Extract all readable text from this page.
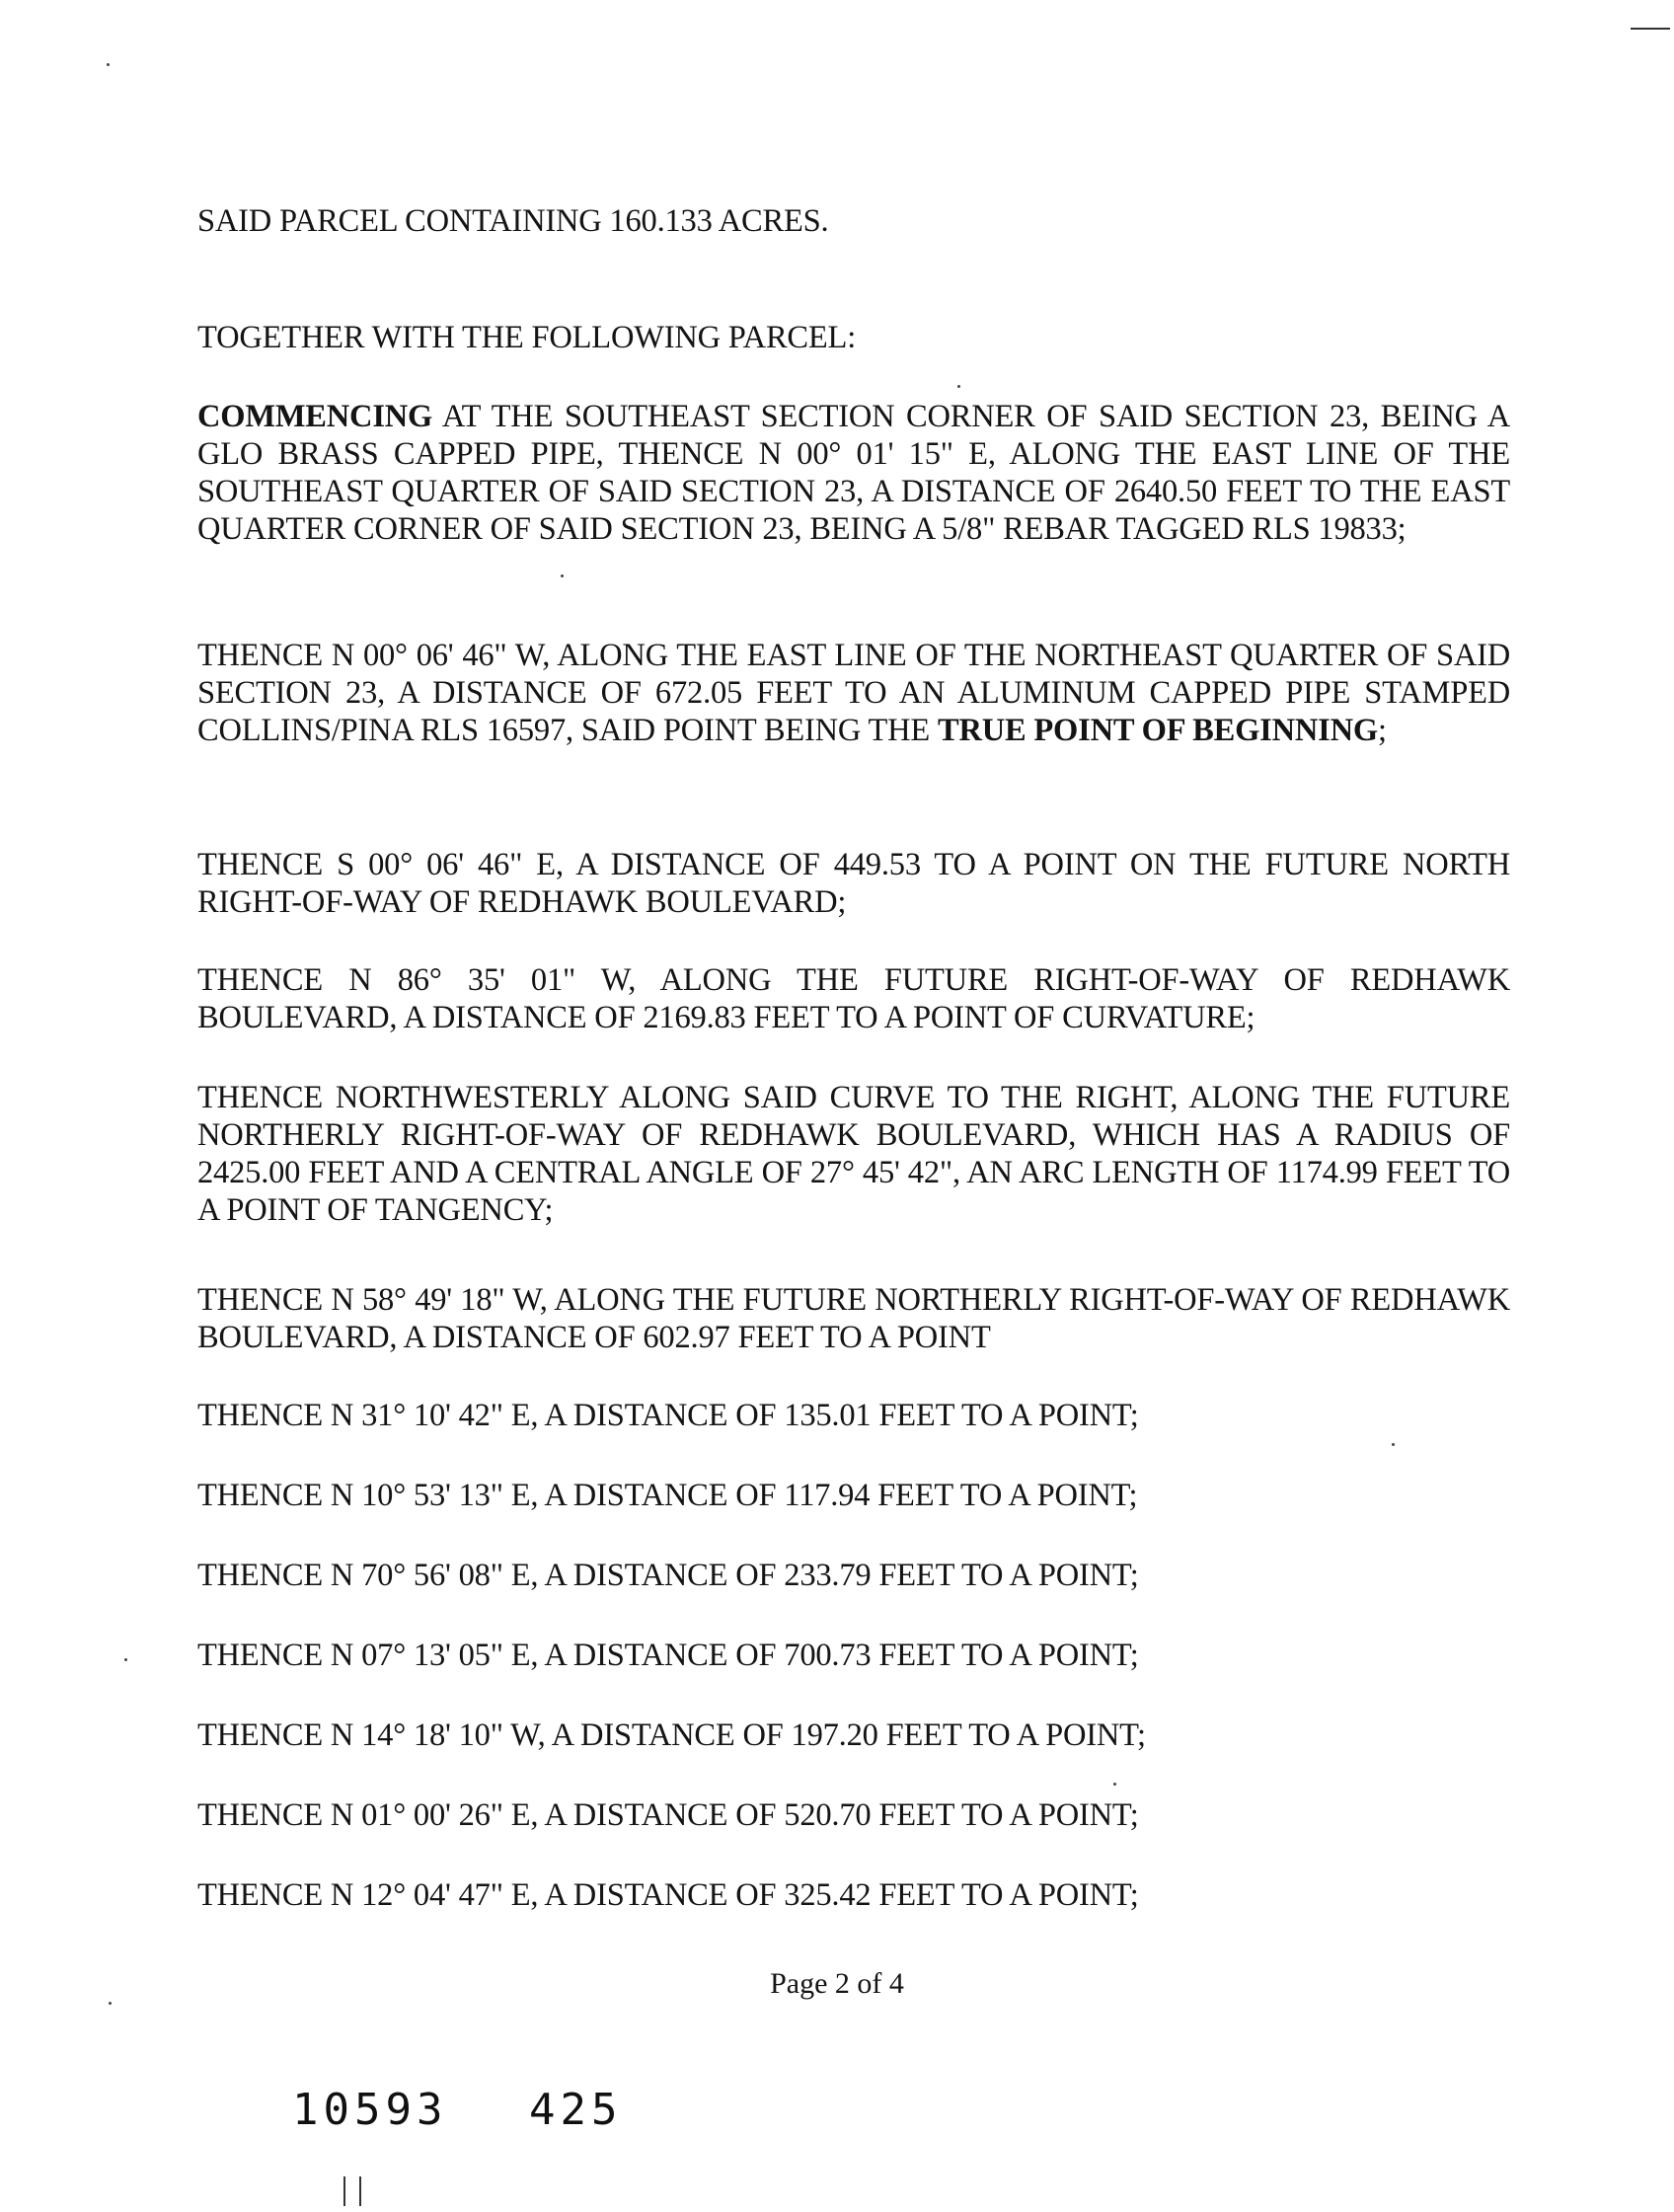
SAID PARCEL CONTAINING 160.133 ACRES.

TOGETHER WITH THE FOLLOWING PARCEL:

COMMENCING AT THE SOUTHEAST SECTION CORNER OF SAID SECTION 23, BEING A GLO BRASS CAPPED PIPE, THENCE N 00° 01' 15" E, ALONG THE EAST LINE OF THE SOUTHEAST QUARTER OF SAID SECTION 23, A DISTANCE OF 2640.50 FEET TO THE EAST QUARTER CORNER OF SAID SECTION 23, BEING A 5/8" REBAR TAGGED RLS 19833;

THENCE N 00° 06' 46" W, ALONG THE EAST LINE OF THE NORTHEAST QUARTER OF SAID SECTION 23, A DISTANCE OF 672.05 FEET TO AN ALUMINUM CAPPED PIPE STAMPED COLLINS/PINA RLS 16597, SAID POINT BEING THE TRUE POINT OF BEGINNING;

THENCE S 00° 06' 46" E, A DISTANCE OF 449.53 TO A POINT ON THE FUTURE NORTH RIGHT-OF-WAY OF REDHAWK BOULEVARD;

THENCE N 86° 35' 01" W, ALONG THE FUTURE RIGHT-OF-WAY OF REDHAWK BOULEVARD, A DISTANCE OF 2169.83 FEET TO A POINT OF CURVATURE;

THENCE NORTHWESTERLY ALONG SAID CURVE TO THE RIGHT, ALONG THE FUTURE NORTHERLY RIGHT-OF-WAY OF REDHAWK BOULEVARD, WHICH HAS A RADIUS OF 2425.00 FEET AND A CENTRAL ANGLE OF 27° 45' 42", AN ARC LENGTH OF 1174.99 FEET TO A POINT OF TANGENCY;

THENCE N 58° 49' 18" W, ALONG THE FUTURE NORTHERLY RIGHT-OF-WAY OF REDHAWK BOULEVARD, A DISTANCE OF 602.97 FEET TO A POINT

THENCE N 31° 10' 42" E, A DISTANCE OF 135.01 FEET TO A POINT;

THENCE N 10° 53' 13" E, A DISTANCE OF 117.94 FEET TO A POINT;

THENCE N 70° 56' 08" E, A DISTANCE OF 233.79 FEET TO A POINT;

THENCE N 07° 13' 05" E, A DISTANCE OF 700.73 FEET TO A POINT;

THENCE N 14° 18' 10" W, A DISTANCE OF 197.20 FEET TO A POINT;

THENCE N 01° 00' 26" E, A DISTANCE OF 520.70 FEET TO A POINT;

THENCE N 12° 04' 47" E, A DISTANCE OF 325.42 FEET TO A POINT;

Page 2 of 4

10593 425
